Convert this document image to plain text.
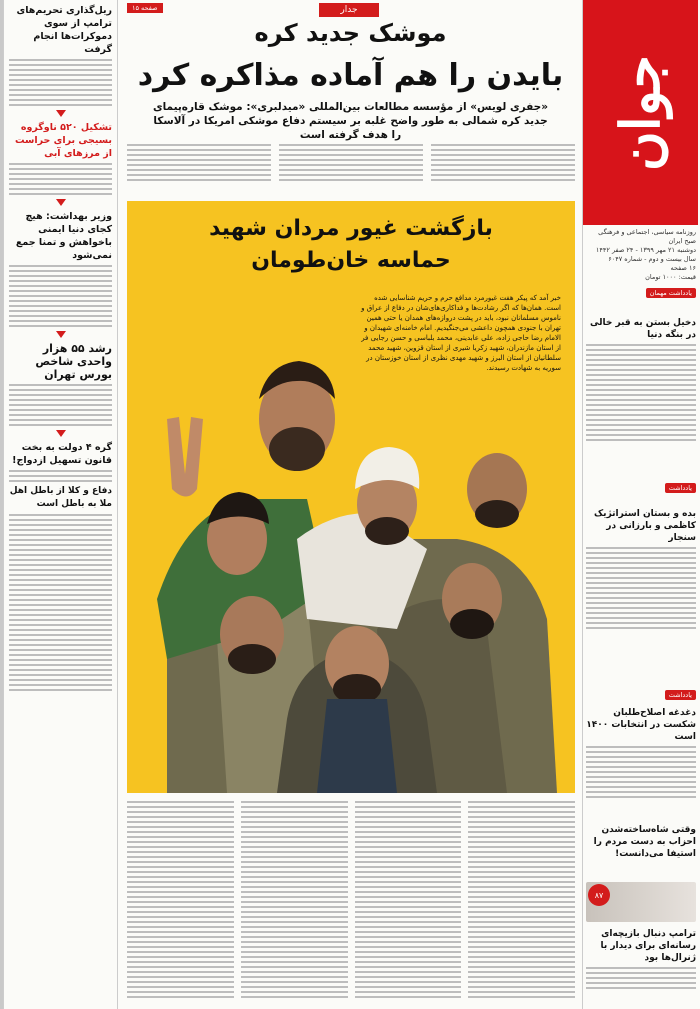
ریل‌گذاری تحریم‌های ترامپ از سوی دموکرات‌ها انجام گرفت
تشکیل ۵۲۰ ناوگروه بسیجی برای حراست از مرزهای آبی
وزیر بهداشت: هیچ کجای دنیا ایمنی باخواهش و تمنا جمع نمی‌شود
رشد ۵۵ هزار واحدی شاخص بورس تهران
گره ۴ دولت به بخت قانون تسهیل ازدواج!
دفاع و کلا از باطل اهل ملا به باطل است
صفحه ۱۵	جدار
موشک جدید کره
بایدن را هم آماده مذاکره کرد
«جفری لویس» از مؤسسه مطالعات بین‌المللی «میدلبری»: موشک قاره‌پیمای جدید کره شمالی به طور واضح غلبه بر سیستم دفاع موشکی امریکا در آلاسکا را هدف گرفته است
بازگشت غیور مردان شهید
حماسه خان‌طومان
خبر آمد که پیکر هفت غیورمرد مدافع حرم و حریم شناسایی شده است. همان‌ها که اگر رشادت‌ها و فداکاری‌های‌شان در دفاع از عراق و ناموس مسلمانان نبود، باید در پشت دروازه‌های همدان یا حتی همین تهران با جنودی همچون داعشی می‌جنگیدیم. امام خامنه‌ای شهیدان و الامام رضا حاجی زاده، علی عابدینی، محمد بلباسی و حسن رجایی فر از استان مازندران، شهید زکریا شیری از استان قزوین، شهید محمد سلطانیان از استان البرز و شهید مهدی نظری از استان خوزستان در سوریه به شهادت رسیدند.
جوان
روزنامه سیاسی، اجتماعی و فرهنگی صبح ایران
دوشنبه ۲۱ مهر ۱۳۹۹ - ۲۴ صفر ۱۴۴۲
سال بیست و دوم - شماره ۶۰۴۷
۱۶ صفحه
قیمت: ۱۰۰۰ تومان
یادداشت مهمان
دخیل بستن به قبر خالی در بنگه دنیا
یادداشت
بده و بستان استراتژیک کاظمی و بارزانی در سنجار
یادداشت
دغدغه اصلاح‌طلبان شکست در انتخابات ۱۴۰۰ است
وقتی شاه‌ساخته‌شدن احزاب به دست مردم را استیفا می‌دانست!
۸۷
ترامپ دنبال بازیچه‌ای رسانه‌ای برای دیدار با ژنرال‌ها بود
